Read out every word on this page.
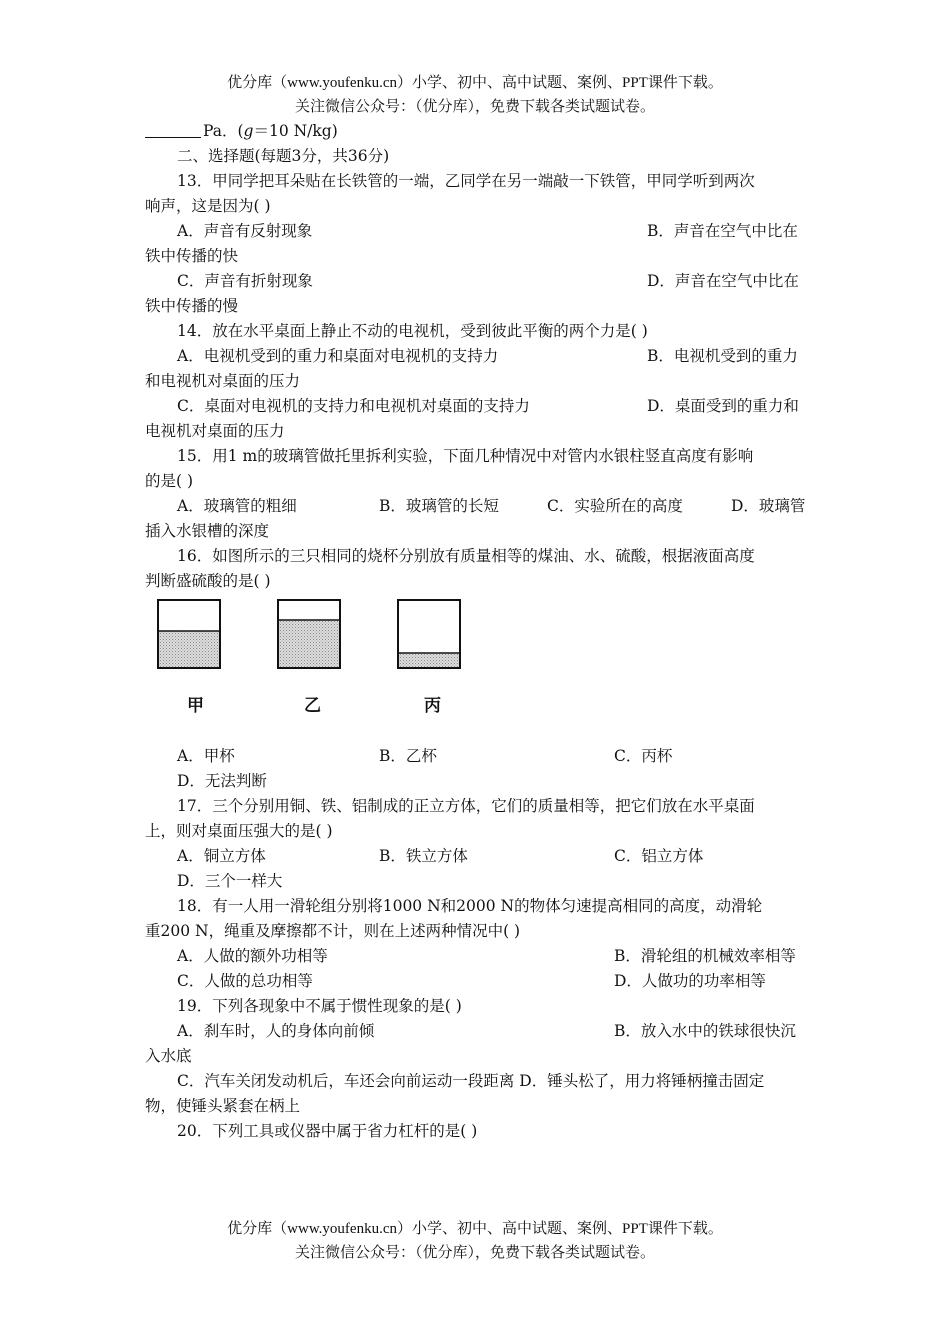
优分库（www.youfenku.cn）小学、初中、高中试题、案例、PPT课件下载。
关注微信公众号：（优分库），免费下载各类试题试卷。
Pa．(g＝10 N/kg)
二、选择题(每题3分，共36分)
13．甲同学把耳朵贴在长铁管的一端，乙同学在另一端敲一下铁管，甲同学听到两次
响声，这是因为( )
A．声音有反射现象	B．声音在空气中比在
铁中传播的快
C．声音有折射现象	D．声音在空气中比在
铁中传播的慢
14．放在水平桌面上静止不动的电视机，受到彼此平衡的两个力是( )
A．电视机受到的重力和桌面对电视机的支持力	B．电视机受到的重力
和电视机对桌面的压力
C．桌面对电视机的支持力和电视机对桌面的支持力	D．桌面受到的重力和
电视机对桌面的压力
15．用1 m的玻璃管做托里拆利实验，下面几种情况中对管内水银柱竖直高度有影响
的是( )
A．玻璃管的粗细	B．玻璃管的长短	C．实验所在的高度	D．玻璃管
插入水银槽的深度
16．如图所示的三只相同的烧杯分别放有质量相等的煤油、水、硫酸，根据液面高度
判断盛硫酸的是( )
甲	乙	丙
A．甲杯	B．乙杯	C．丙杯
D．无法判断
17．三个分别用铜、铁、铝制成的正立方体，它们的质量相等，把它们放在水平桌面
上，则对桌面压强大的是( )
A．铜立方体	B．铁立方体	C．铝立方体
D．三个一样大
18．有一人用一滑轮组分别将1000 N和2000 N的物体匀速提高相同的高度，动滑轮
重200 N，绳重及摩擦都不计，则在上述两种情况中( )
A．人做的额外功相等	B．滑轮组的机械效率相等
C．人做的总功相等	D．人做功的功率相等
19．下列各现象中不属于惯性现象的是( )
A．刹车时，人的身体向前倾	B．放入水中的铁球很快沉
入水底
C．汽车关闭发动机后，车还会向前运动一段距离 D．锤头松了，用力将锤柄撞击固定
物，使锤头紧套在柄上
20．下列工具或仪器中属于省力杠杆的是( )
优分库（www.youfenku.cn）小学、初中、高中试题、案例、PPT课件下载。
关注微信公众号：（优分库），免费下载各类试题试卷。
